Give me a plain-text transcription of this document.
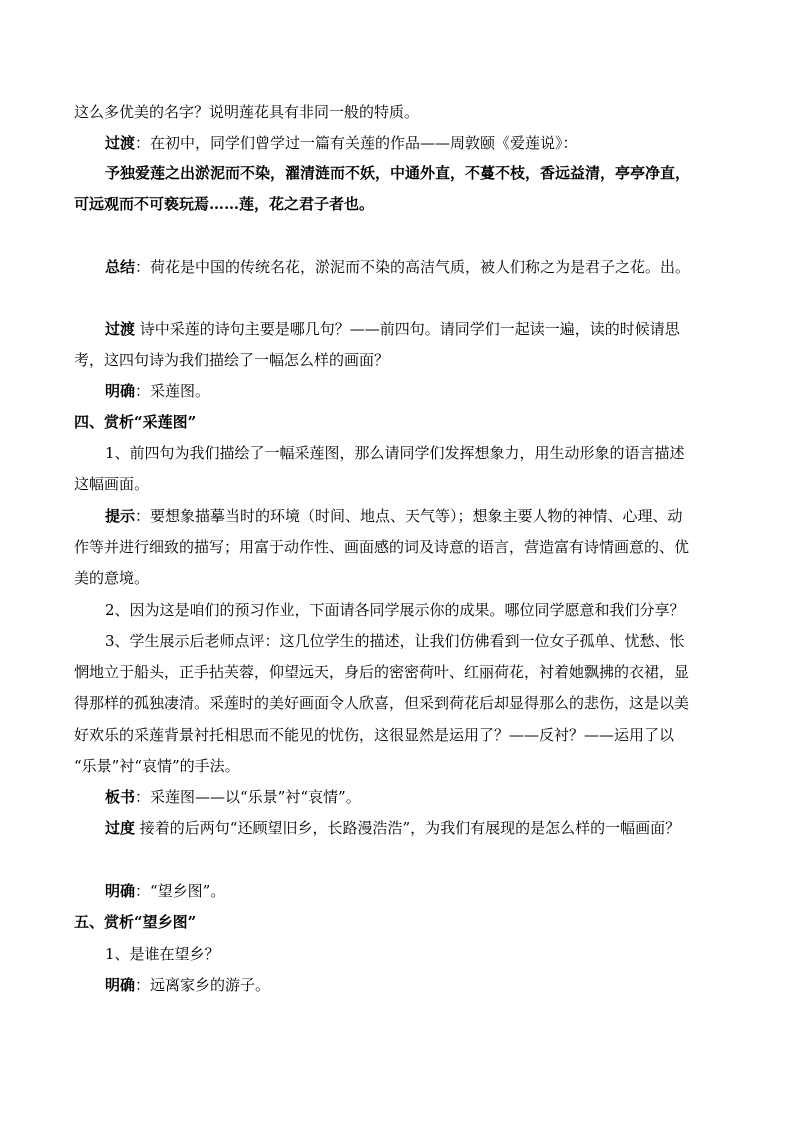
这么多优美的名字？说明莲花具有非同一般的特质。
过渡：在初中，同学们曾学过一篇有关莲的作品——周敦颐《爱莲说》：
予独爱莲之出淤泥而不染，濯清涟而不妖，中通外直，不蔓不枝，香远益清，亭亭净直，
可远观而不可亵玩焉……莲，花之君子者也。
总结：荷花是中国的传统名花，淤泥而不染的高洁气质，被人们称之为是君子之花。出。
过渡 诗中采莲的诗句主要是哪几句？——前四句。请同学们一起读一遍，读的时候请思
考，这四句诗为我们描绘了一幅怎么样的画面？
明确：采莲图。
四、赏析“采莲图”
1、前四句为我们描绘了一幅采莲图，那么请同学们发挥想象力，用生动形象的语言描述
这幅画面。
提示：要想象描摹当时的环境（时间、地点、天气等）；想象主要人物的神情、心理、动
作等并进行细致的描写；用富于动作性、画面感的词及诗意的语言，营造富有诗情画意的、优
美的意境。
2、因为这是咱们的预习作业，下面请各同学展示你的成果。哪位同学愿意和我们分享？
3、学生展示后老师点评：这几位学生的描述，让我们仿佛看到一位女子孤单、忧愁、怅
惘地立于船头，正手拈芙蓉，仰望远天，身后的密密荷叶、红丽荷花，衬着她飘拂的衣裙，显
得那样的孤独凄清。采莲时的美好画面令人欣喜，但采到荷花后却显得那么的悲伤，这是以美
好欢乐的采莲背景衬托相思而不能见的忧伤，这很显然是运用了？——反衬？——运用了以
“乐景”衬“哀情”的手法。
板书：采莲图——以“乐景”衬“哀情”。
过度 接着的后两句“还顾望旧乡，长路漫浩浩”，为我们有展现的是怎么样的一幅画面？
明确：“望乡图”。
五、赏析“望乡图”
1、是谁在望乡？
明确：远离家乡的游子。
